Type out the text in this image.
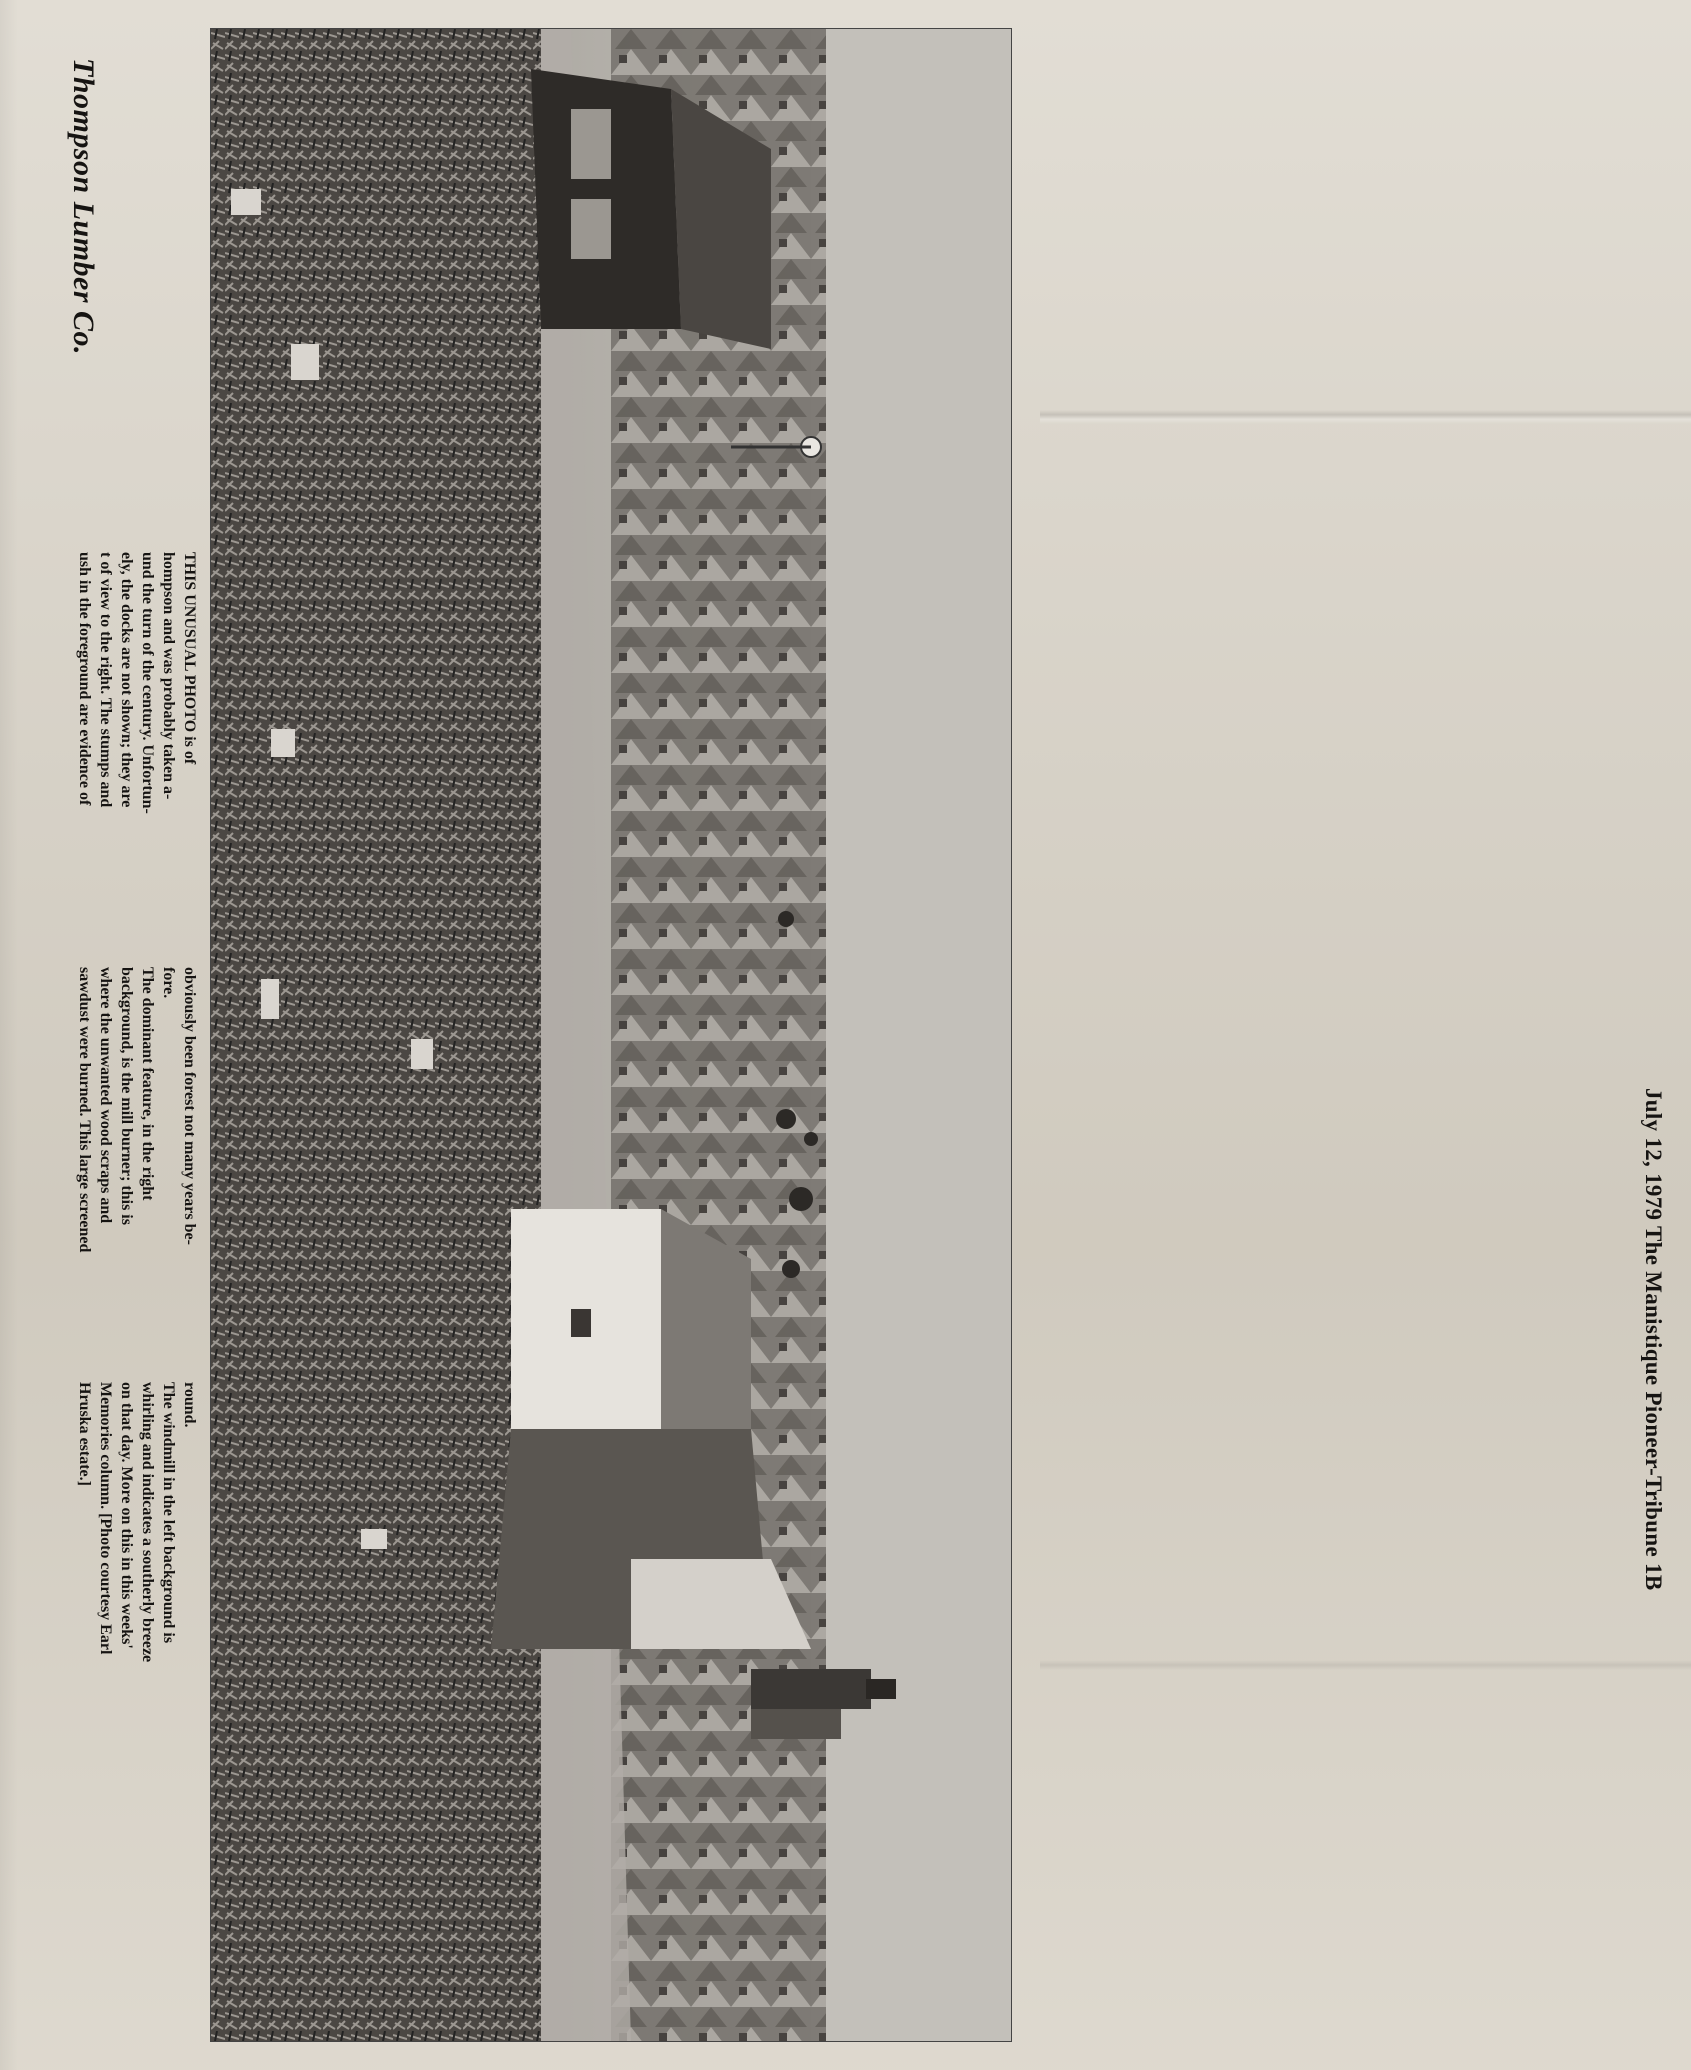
July 12, 1979 The Manistique Pioneer-Tribune 1B
Thompson Lumber Co.

THIS UNUSUAL PHOTO is of

hompson and was probably taken a-

und the turn of the century. Unfortun-

ely, the docks are not shown; they are

t of view to the right. The stumps and

ush in the foreground are evidence of

obviously been forest not many years be-

fore.

The dominant feature, in the right

background, is the mill burner; this is

where the unwanted wood scraps and

sawdust were burned. This large screened

round.

The windmill in the left background is

whirling and indicates a southerly breeze

on that day. More on this in this weeks'

Memories column. [Photo courtesy Earl

Hruska estate.]
